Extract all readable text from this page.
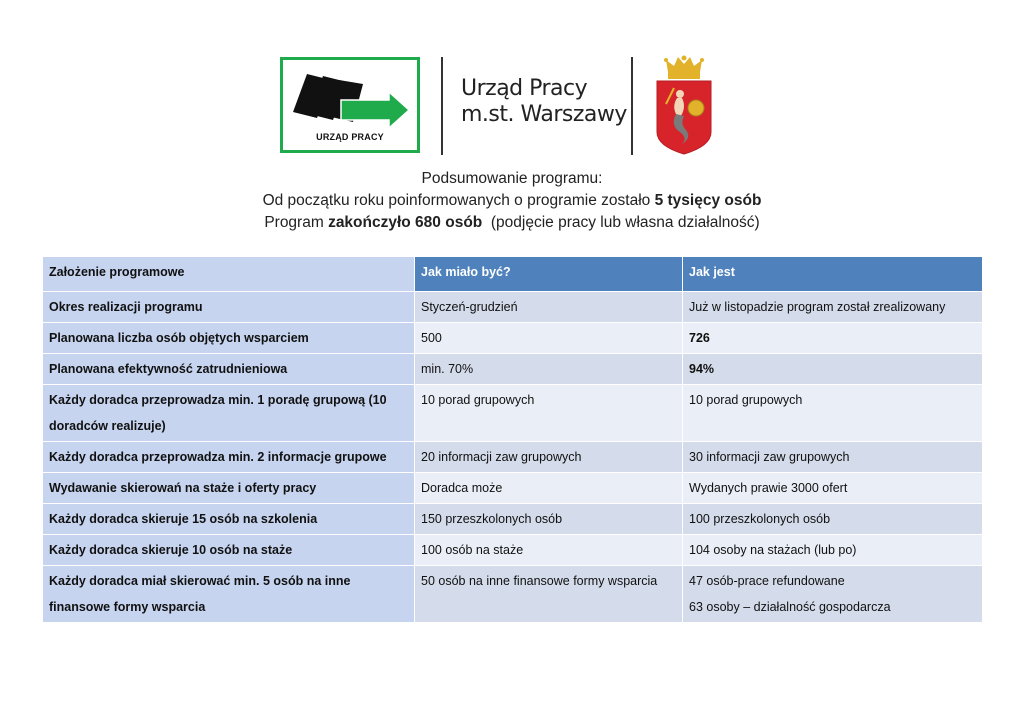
URZĄD PRACY
Urząd Pracy
m.st. Warszawy
Podsumowanie programu:
Od początku roku poinformowanych o programie zostało 5 tysięcy osób
Program zakończyło 680 osób  (podjęcie pracy lub własna działalność)
Założenie programowe	Jak miało być?	Jak jest
Okres realizacji programu	Styczeń-grudzień	Już w listopadzie program został zrealizowany
Planowana liczba osób objętych wsparciem	500	726
Planowana efektywność zatrudnieniowa	min. 70%	94%
Każdy doradca przeprowadza min. 1 poradę grupową (10 doradców realizuje)	10 porad grupowych	10 porad grupowych
Każdy doradca przeprowadza min. 2 informacje grupowe	20 informacji zaw grupowych	30 informacji zaw grupowych
Wydawanie skierowań na staże i oferty pracy	Doradca może	Wydanych prawie 3000 ofert
Każdy doradca skieruje 15 osób na szkolenia	150 przeszkolonych osób	100 przeszkolonych osób
Każdy doradca skieruje 10 osób na staże	100 osób na staże	104 osoby na stażach (lub po)
Każdy doradca miał skierować min. 5 osób na inne finansowe formy wsparcia	50 osób na inne finansowe formy wsparcia	47 osób-prace refundowane
63 osoby – działalność gospodarcza
